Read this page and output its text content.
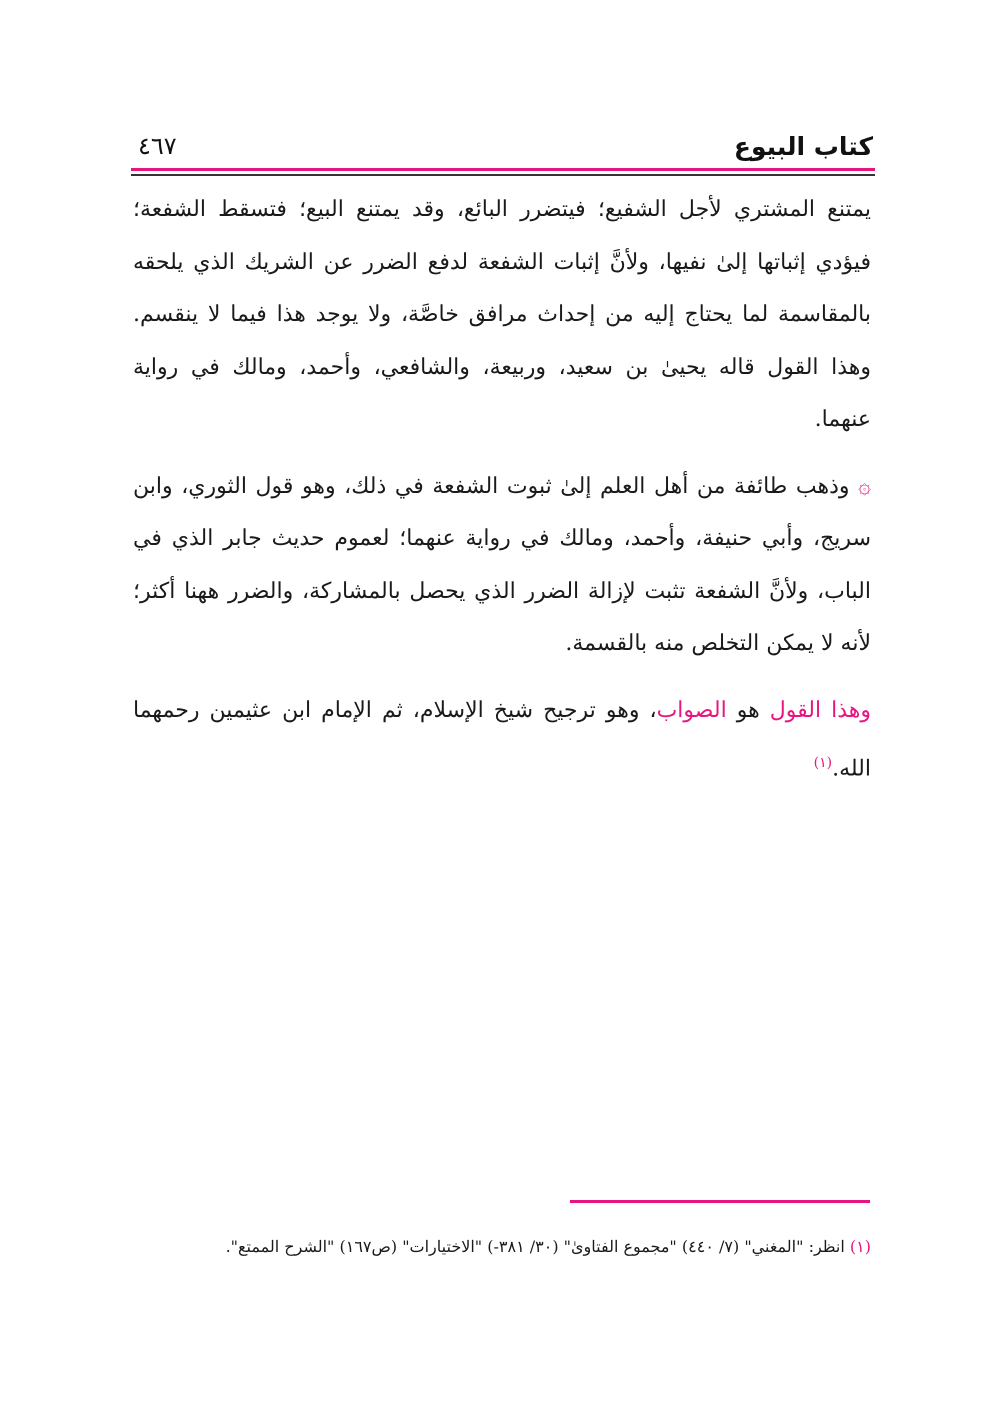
كتاب البيوع
٤٦٧

يمتنع المشتري لأجل الشفيع؛ فيتضرر البائع، وقد يمتنع البيع؛ فتسقط الشفعة؛ فيؤدي إثباتها إلىٰ نفيها، ولأنَّ إثبات الشفعة لدفع الضرر عن الشريك الذي يلحقه بالمقاسمة لما يحتاج إليه من إحداث مرافق خاصَّة، ولا يوجد هذا فيما لا ينقسم. وهذا القول قاله يحيىٰ بن سعيد، وربيعة، والشافعي، وأحمد، ومالك في رواية عنهما.

۞ وذهب طائفة من أهل العلم إلىٰ ثبوت الشفعة في ذلك، وهو قول الثوري، وابن سريج، وأبي حنيفة، وأحمد، ومالك في رواية عنهما؛ لعموم حديث جابر الذي في الباب، ولأنَّ الشفعة تثبت لإزالة الضرر الذي يحصل بالمشاركة، والضرر ههنا أكثر؛ لأنه لا يمكن التخلص منه بالقسمة.

وهذا القول هو الصواب، وهو ترجيح شيخ الإسلام، ثم الإمام ابن عثيمين رحمهما الله.$^{(١)}$

(١) انظر: "المغني" (٧/ ٤٤٠) "مجموع الفتاوىٰ" (٣٠/ ٣٨١-) "الاختيارات" (ص١٦٧) "الشرح الممتع".
